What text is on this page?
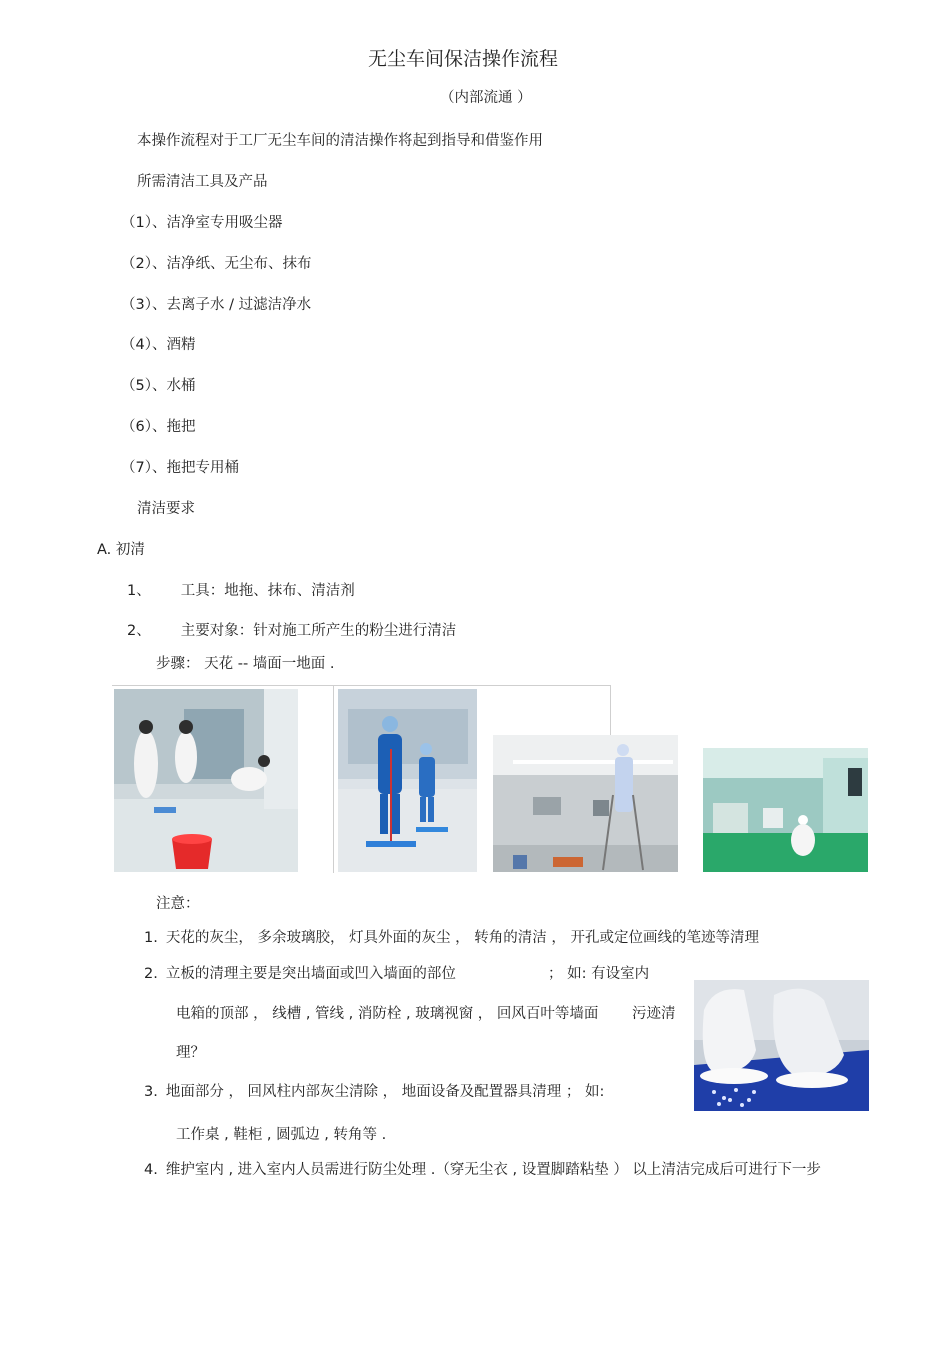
无尘车间保洁操作流程
（内部流通 ）
本操作流程对于工厂无尘车间的清洁操作将起到指导和借鉴作用
所需清洁工具及产品
（1）、洁净室专用吸尘器
（2）、洁净纸、无尘布、抹布
（3）、去离子水 / 过滤洁净水
（4）、酒精
（5）、水桶
（6）、拖把
（7）、拖把专用桶
清洁要求
A. 初清
1、 工具：地拖、抹布、清洁剂
2、 主要对象：针对施工所产生的粉尘进行清洁
步骤： 天花 -- 墙面一地面 .
注意：
1. 天花的灰尘， 多余玻璃胶， 灯具外面的灰尘 ， 转角的清洁 ， 开孔或定位画线的笔迹等清理
2. 立板的清理主要是突出墙面或凹入墙面的部位	； 如: 有设室内
电箱的顶部 ， 线槽 , 管线 , 消防栓 , 玻璃视窗 ， 回风百叶等墙面 污迹清
理？
3. 地面部分 ， 回风柱内部灰尘清除 ， 地面设备及配置器具清理 ； 如:
工作桌 , 鞋柜 , 圆弧边 , 转角等 .
4. 维护室内 , 进入室内人员需进行防尘处理 .（穿无尘衣 , 设置脚踏粘垫 ） 以上清洁完成后可进行下一步
